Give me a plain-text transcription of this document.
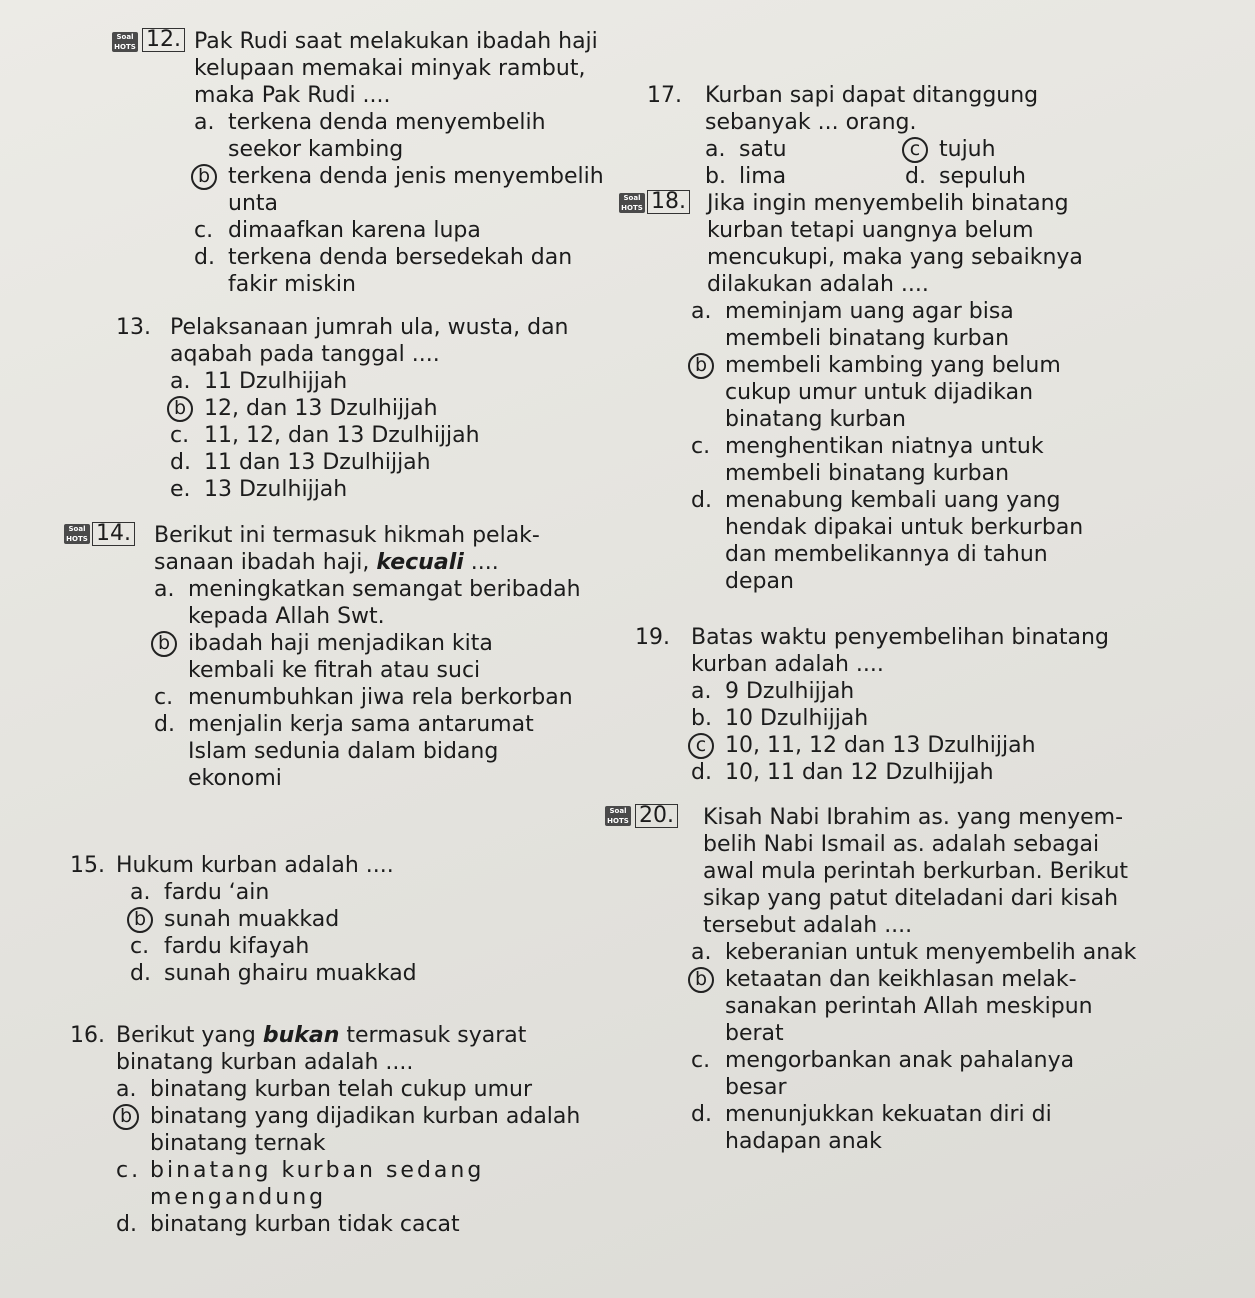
Soal HOTS 12. Pak Rudi saat melakukan ibadah haji kelupaan memakai minyak rambut, maka Pak Rudi ....
a. terkena denda menyembelih seekor kambing
b terkena denda jenis menyembelih unta
c. dimaafkan karena lupa
d. terkena denda bersedekah dan fakir miskin
13. Pelaksanaan jumrah ula, wusta, dan aqabah pada tanggal ....
a. 11 Dzulhijjah
b 12, dan 13 Dzulhijjah
c. 11, 12, dan 13 Dzulhijjah
d. 11 dan 13 Dzulhijjah
e. 13 Dzulhijjah
Soal HOTS 14. Berikut ini termasuk hikmah pelak-sanaan ibadah haji, kecuali ....
a. meningkatkan semangat beribadah kepada Allah Swt.
b ibadah haji menjadikan kita kembali ke fitrah atau suci
c. menumbuhkan jiwa rela berkorban
d. menjalin kerja sama antarumat Islam sedunia dalam bidang ekonomi
15. Hukum kurban adalah ....
a. fardu ‘ain
b sunah muakkad
c. fardu kifayah
d. sunah ghairu muakkad
16. Berikut yang bukan termasuk syarat binatang kurban adalah ....
a. binatang kurban telah cukup umur
b binatang yang dijadikan kurban adalah binatang ternak
c. binatang kurban sedang mengandung
d. binatang kurban tidak cacat
17. Kurban sapi dapat ditanggung sebanyak ... orang.
a. satu
b. lima
c tujuh
d. sepuluh
Soal HOTS 18. Jika ingin menyembelih binatang kurban tetapi uangnya belum mencukupi, maka yang sebaiknya dilakukan adalah ....
a. meminjam uang agar bisa membeli binatang kurban
b membeli kambing yang belum cukup umur untuk dijadikan binatang kurban
c. menghentikan niatnya untuk membeli binatang kurban
d. menabung kembali uang yang hendak dipakai untuk berkurban dan membelikannya di tahun depan
19. Batas waktu penyembelihan binatang kurban adalah ....
a. 9 Dzulhijjah
b. 10 Dzulhijjah
c 10, 11, 12 dan 13 Dzulhijjah
d. 10, 11 dan 12 Dzulhijjah
Soal HOTS 20. Kisah Nabi Ibrahim as. yang menyem-belih Nabi Ismail as. adalah sebagai awal mula perintah berkurban. Berikut sikap yang patut diteladani dari kisah tersebut adalah ....
a. keberanian untuk menyembelih anak
b ketaatan dan keikhlasan melak-sanakan perintah Allah meskipun berat
c. mengorbankan anak pahalanya besar
d. menunjukkan kekuatan diri di hadapan anak
